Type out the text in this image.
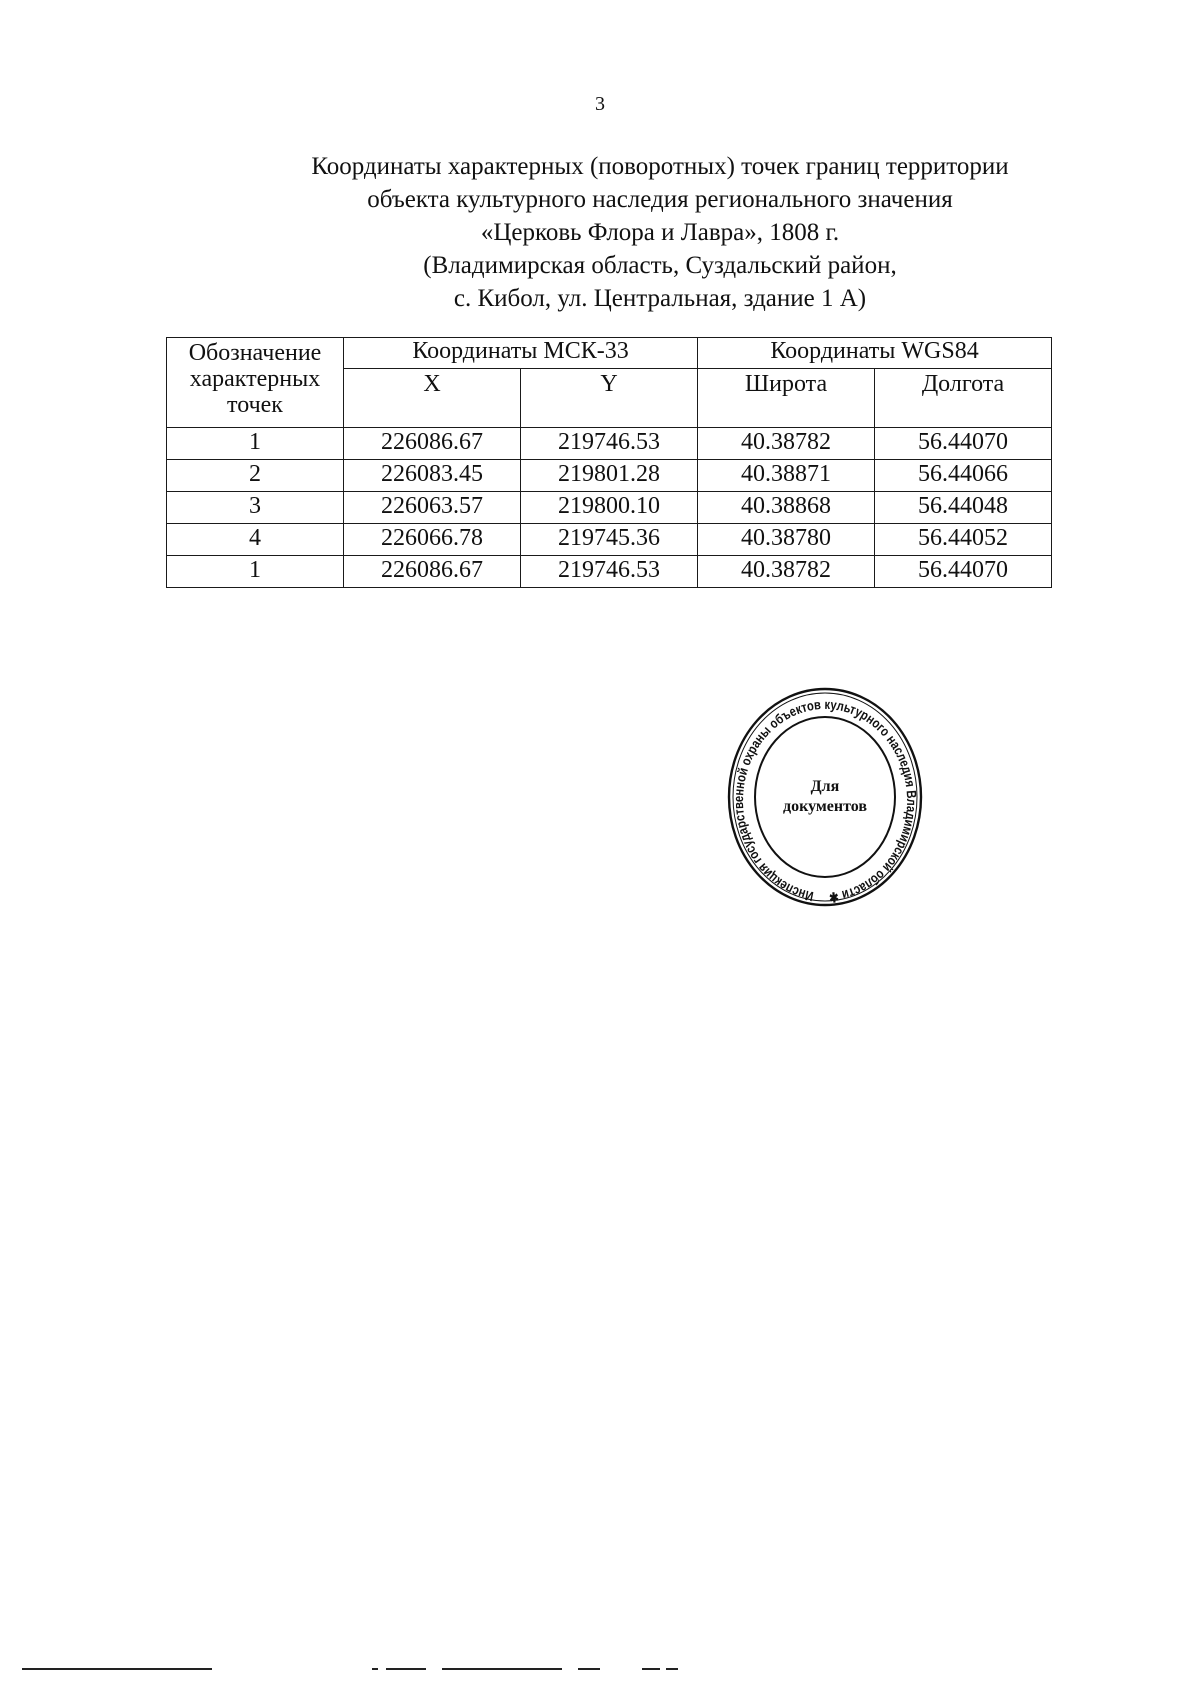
3
Координаты характерных (поворотных) точек границ территории
объекта культурного наследия регионального значения
«Церковь Флора и Лавра», 1808 г.
(Владимирская область, Суздальский район,
с. Кибол, ул. Центральная, здание 1 А)
Обозначение характерных точек	Координаты МСК-33		Координаты WGS84	
	X	Y	Широта	Долгота
1	226086.67	219746.53	40.38782	56.44070
2	226083.45	219801.28	40.38871	56.44066
3	226063.57	219800.10	40.38868	56.44048
4	226066.78	219745.36	40.38780	56.44052
1	226086.67	219746.53	40.38782	56.44070
Инспекция государственной охраны объектов культурного наследия Владимирской области ✱
Для
документов
